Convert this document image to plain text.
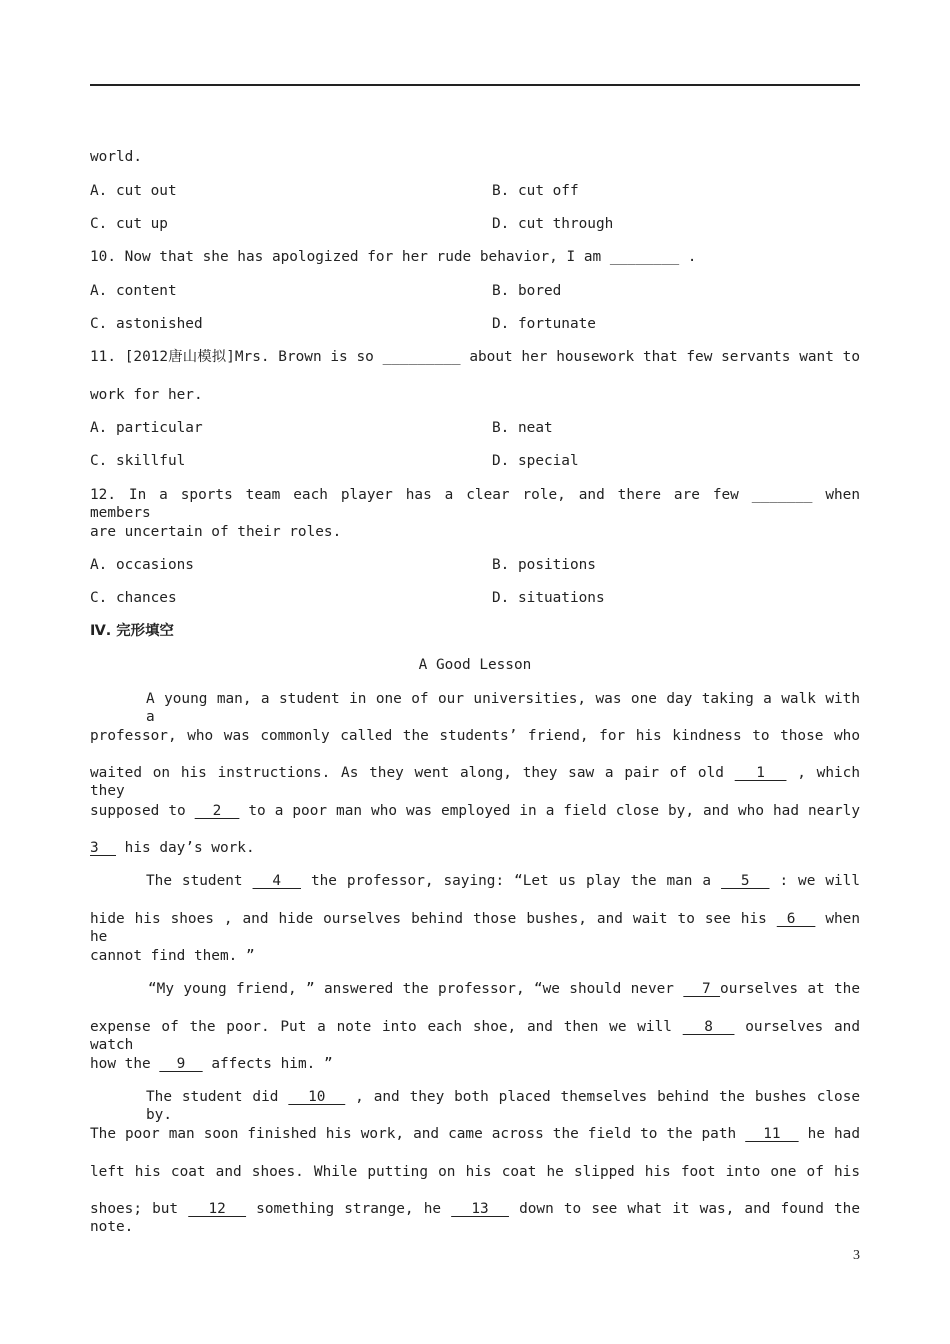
world.
A. cut out	B. cut off
C. cut up	D. cut through
10. Now that she has apologized for her rude behavior, I am ________ .
A. content	B. bored
C. astonished	D. fortunate
11. [2012唐山模拟]Mrs. Brown is so _________ about her housework that few servants want to
work for her.
A. particular	B. neat
C. skillful	D. special
12. In a sports team each player has a clear role, and there are few _______ when members
are uncertain of their roles.
A. occasions	B. positions
C. chances	D. situations
Ⅳ. 完形填空
A Good Lesson
A young man, a student in one of our universities, was one day taking a walk with a
professor, who was commonly called the students’ friend, for his kindness to those who
waited on his instructions. As they went along, they saw a pair of old   1   , which they
supposed to   2   to a poor man who was employed in a field close by, and who had nearly
3   his day’s work.
The student   4   the professor, saying: “Let us play the man a   5   : we will
hide his shoes , and hide ourselves behind those bushes, and wait to see his  6   when he
cannot find them. ”
“My young friend, ” answered the professor, “we should never   7 ourselves at the
expense of the poor. Put a note into each shoe, and then we will   8   ourselves and watch
how the   9   affects him. ”
The student did   10   , and they both placed themselves behind the bushes close by.
The poor man soon finished his work, and came across the field to the path   11   he had
left his coat and shoes. While putting on his coat he slipped his foot into one of his
shoes; but   12   something strange, he   13   down to see what it was, and found the note.
3
